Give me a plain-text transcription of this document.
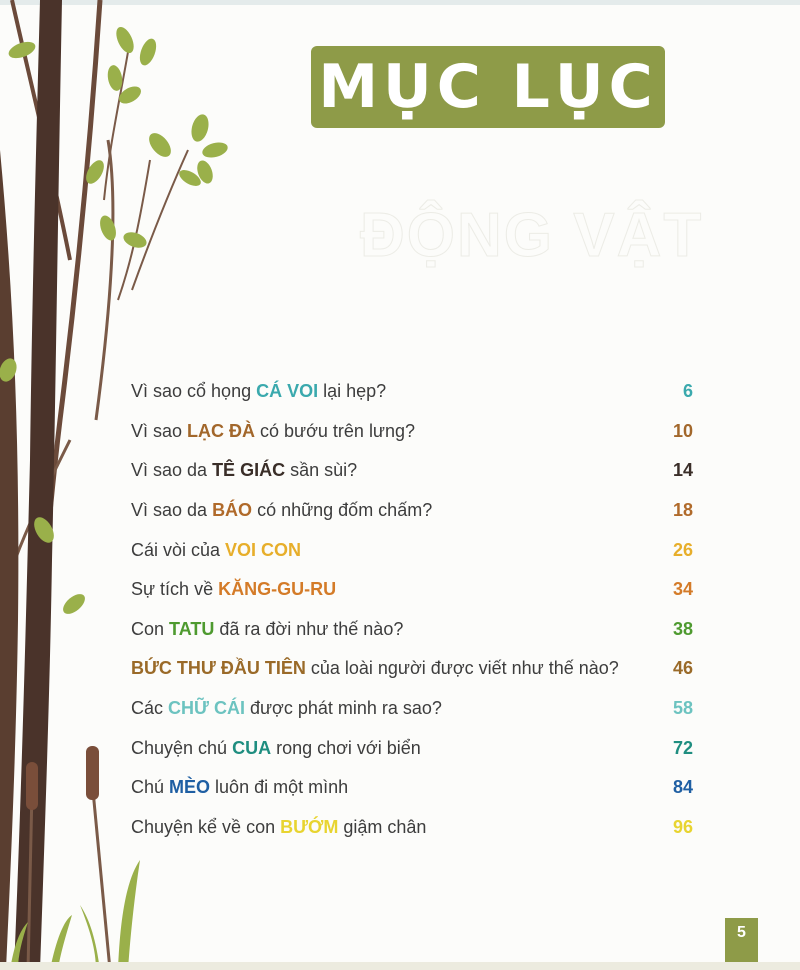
ĐỘNG VẬT
MỤC LỤC
Vì sao cổ họng CÁ VOI lại hẹp?	6
Vì sao LẠC ĐÀ có bướu trên lưng?	10
Vì sao da TÊ GIÁC sần sùi?	14
Vì sao da BÁO có những đốm chấm?	18
Cái vòi của VOI CON	26
Sự tích về KĂNG-GU-RU	34
Con TATU đã ra đời như thế nào?	38
BỨC THƯ ĐẦU TIÊN của loài người được viết như thế nào?	46
Các CHỮ CÁI được phát minh ra sao?	58
Chuyện chú CUA rong chơi với biển	72
Chú MÈO luôn đi một mình	84
Chuyện kể về con BƯỚM giậm chân	96
5
